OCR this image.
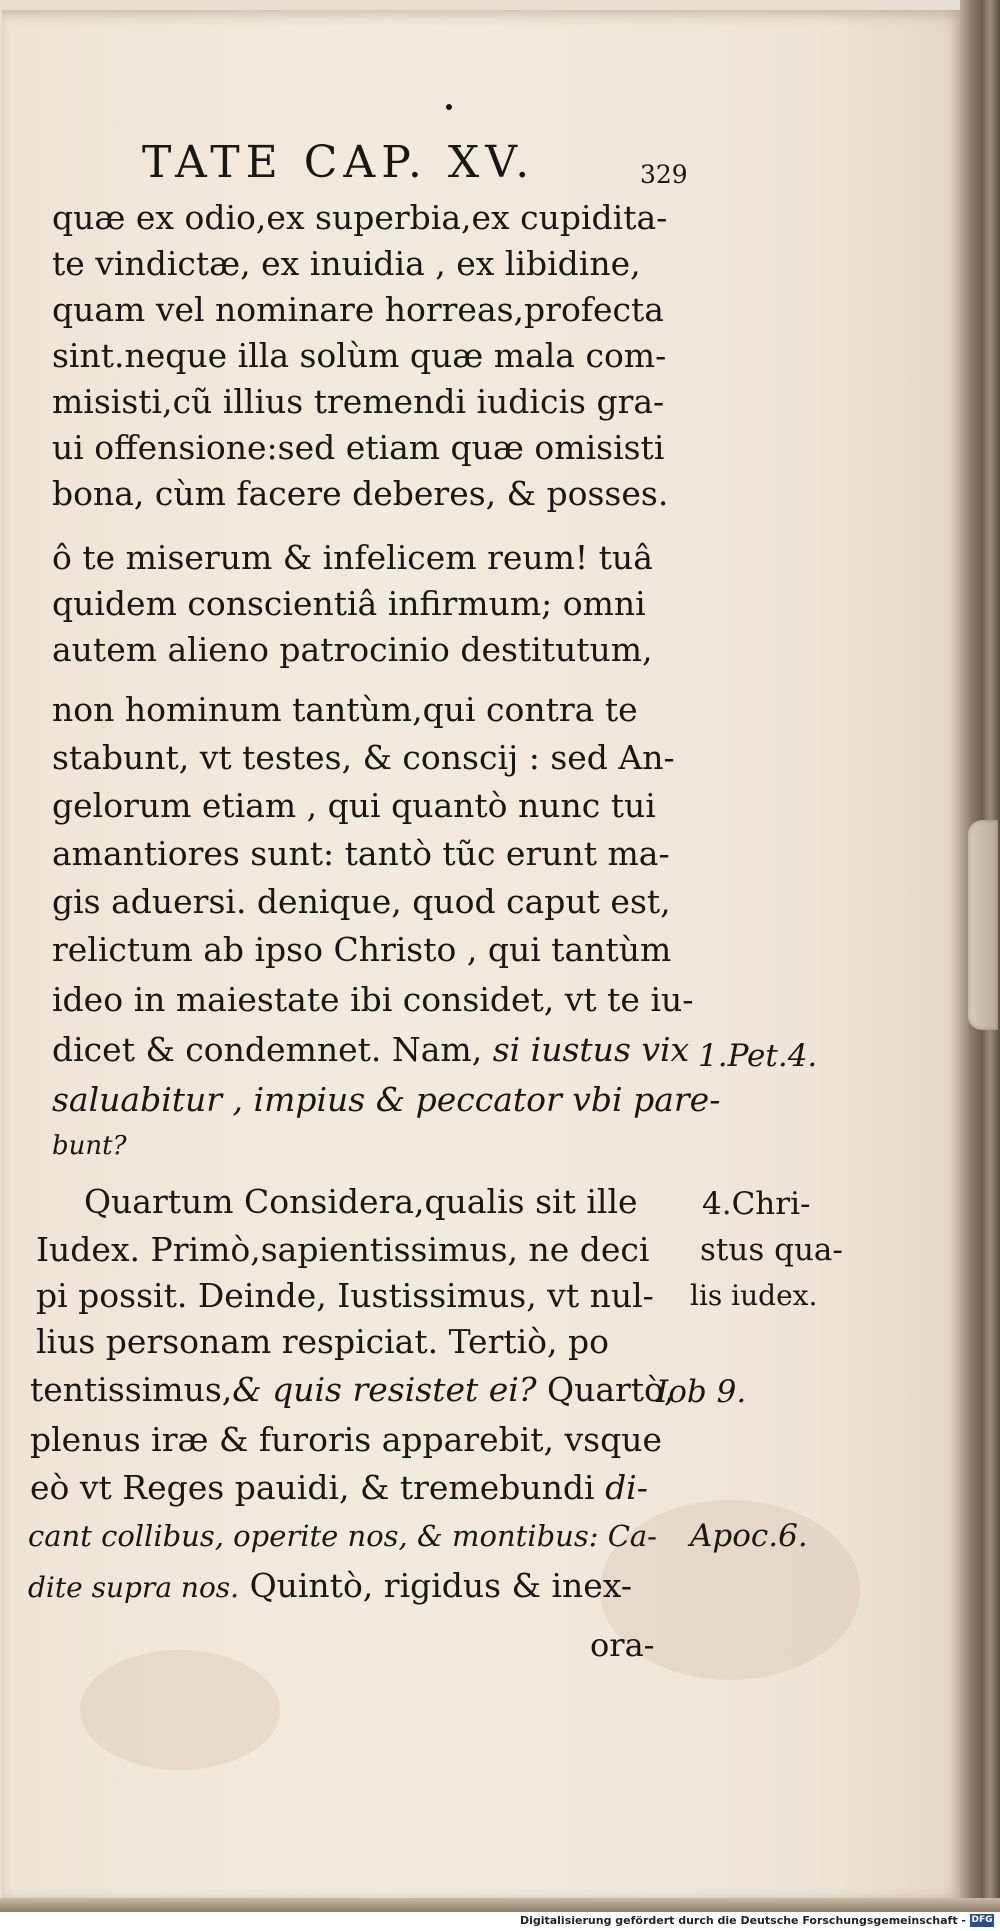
TATE CAP. XV.	329
quæ ex odio,ex superbia,ex cupidita-
te vindictæ, ex inuidia , ex libidine,
quam vel nominare horreas,profecta
sint.neque illa solùm quæ mala com-
misisti,cũ illius tremendi iudicis gra-
ui offensione:sed etiam quæ omisisti
bona, cùm facere deberes, & posses.
ô te miserum & infelicem reum! tuâ
quidem conscientiâ infirmum; omni
autem alieno patrocinio destitutum,
non hominum tantùm,qui contra te
stabunt, vt testes, & conscij : sed An-
gelorum etiam , qui quantò nunc tui
amantiores sunt: tantò tũc erunt ma-
gis aduersi. denique, quod caput est,
relictum ab ipso Christo , qui tantùm
ideo in maiestate ibi considet, vt te iu-
dicet & condemnet. Nam, si iustus vix
saluabitur , impius & peccator vbi pare-
bunt?
Quartum Considera,qualis sit ille
Iudex. Primò,sapientissimus, ne deci
pi possit. Deinde, Iustissimus, vt nul-
lius personam respiciat. Tertiò, po
tentissimus,& quis resistet ei? Quartò,
plenus iræ & furoris apparebit, vsque
eò vt Reges pauidi, & tremebundi di-
cant collibus, operite nos, & montibus: Ca-
dite supra nos. Quintò, rigidus & inex-
1.Pet.4.
4.Chri-
stus qua-
lis iudex.
Iob 9.
Apoc.6.
ora-
Digitalisierung gefördert durch die Deutsche Forschungsgemeinschaft - DFG
